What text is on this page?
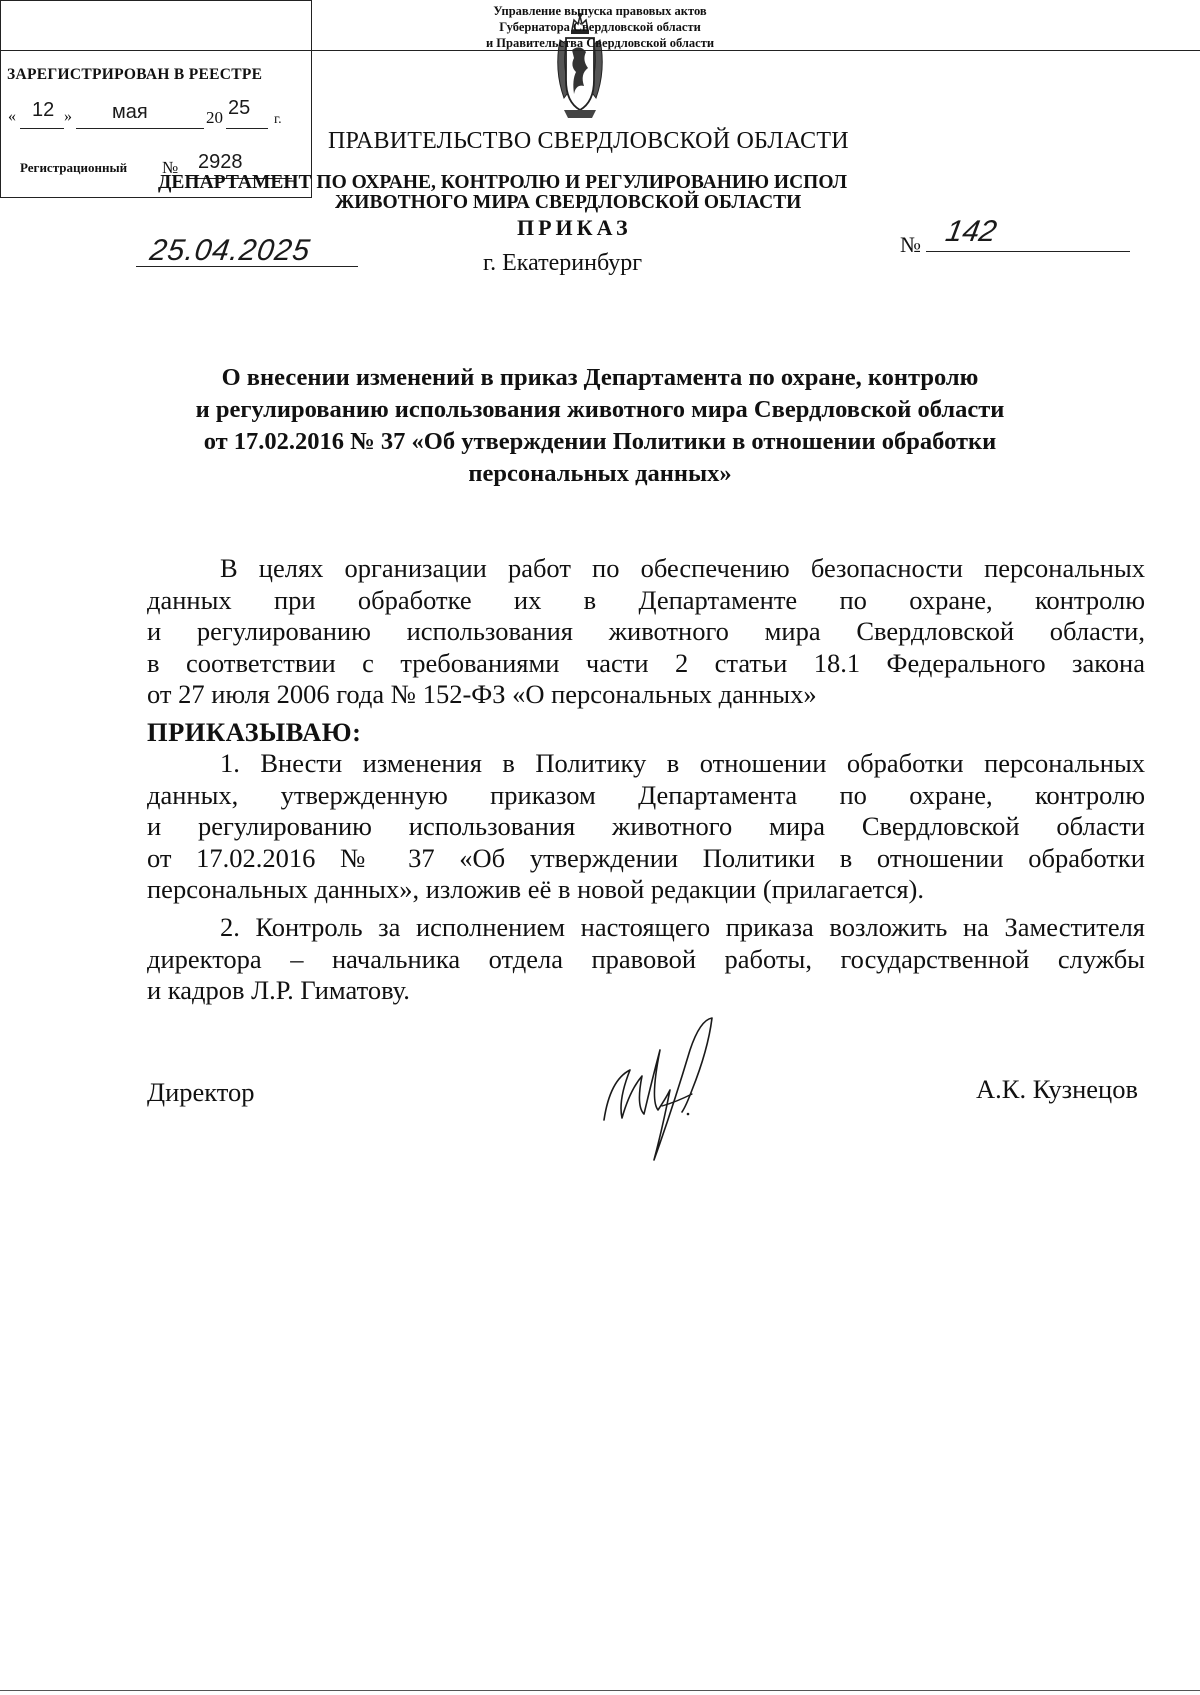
Управление выпуска правовых актов
Губернатора Свердловской области
и Правительства Свердловской области
ЗАРЕГИСТРИРОВАН В РЕЕСТРЕ
« 12 » мая	20 25
г.
Регистрационный № 2928
ПРАВИТЕЛЬСТВО СВЕРДЛОВСКОЙ ОБЛАСТИ
ДЕПАРТАМЕНТ ПО ОХРАНЕ, КОНТРОЛЮ И РЕГУЛИРОВАНИЮ ИСПОЛ
ЖИВОТНОГО МИРА СВЕРДЛОВСКОЙ ОБЛАСТИ
ПРИКАЗ
г. Екатеринбург
25.04.2025	№ 142
О внесении изменений в приказ Департамента по охране, контролю
и регулированию использования животного мира Свердловской области
от 17.02.2016 № 37 «Об утверждении Политики в отношении обработки
персональных данных»
В целях организации работ по обеспечению безопасности персональных
данных при обработке их в Департаменте по охране, контролю
и регулированию использования животного мира Свердловской области,
в соответствии с требованиями части 2 статьи 18.1 Федерального закона
от 27 июля 2006 года № 152-ФЗ «О персональных данных»
ПРИКАЗЫВАЮ:
1. Внести изменения в Политику в отношении обработки персональных
данных, утвержденную приказом Департамента по охране, контролю
и регулированию использования животного мира Свердловской области
от 17.02.2016 № 37 «Об утверждении Политики в отношении обработки
персональных данных», изложив её в новой редакции (прилагается).
2. Контроль за исполнением настоящего приказа возложить на Заместителя
директора – начальника отдела правовой работы, государственной службы
и кадров Л.Р. Гиматову.
Директор	А.К. Кузнецов
